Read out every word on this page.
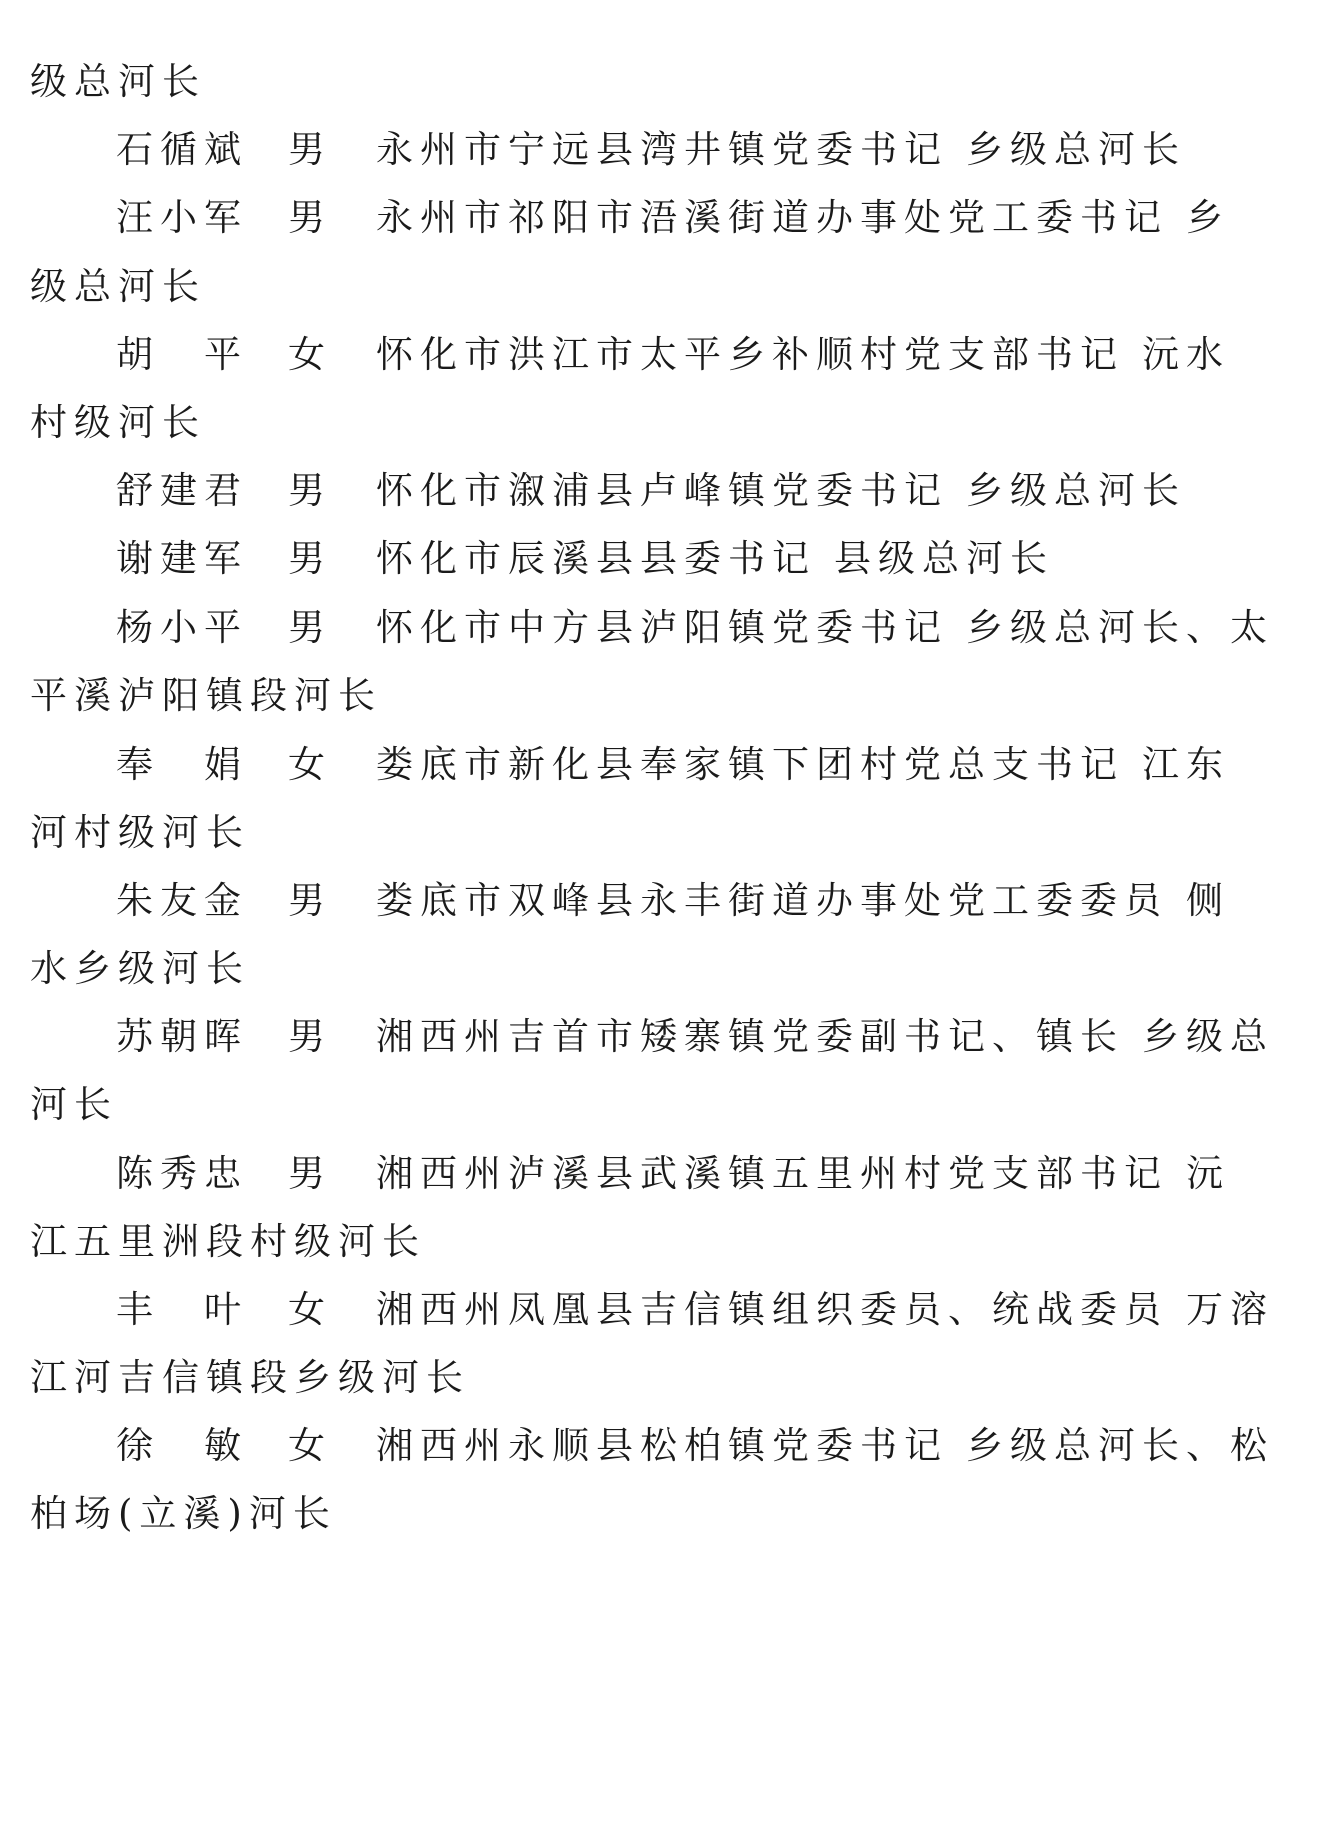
级总河长
石循斌 男 永州市宁远县湾井镇党委书记 乡级总河长
汪小军 男 永州市祁阳市浯溪街道办事处党工委书记 乡
级总河长
胡　平 女 怀化市洪江市太平乡补顺村党支部书记 沅水
村级河长
舒建君 男 怀化市溆浦县卢峰镇党委书记 乡级总河长
谢建军 男 怀化市辰溪县县委书记 县级总河长
杨小平 男 怀化市中方县泸阳镇党委书记 乡级总河长、太
平溪泸阳镇段河长
奉　娟 女 娄底市新化县奉家镇下团村党总支书记 江东
河村级河长
朱友金 男 娄底市双峰县永丰街道办事处党工委委员 侧
水乡级河长
苏朝晖 男 湘西州吉首市矮寨镇党委副书记、镇长 乡级总
河长
陈秀忠 男 湘西州泸溪县武溪镇五里州村党支部书记 沅
江五里洲段村级河长
丰　叶 女 湘西州凤凰县吉信镇组织委员、统战委员 万溶
江河吉信镇段乡级河长
徐　敏 女 湘西州永顺县松柏镇党委书记 乡级总河长、松
柏场(立溪)河长
